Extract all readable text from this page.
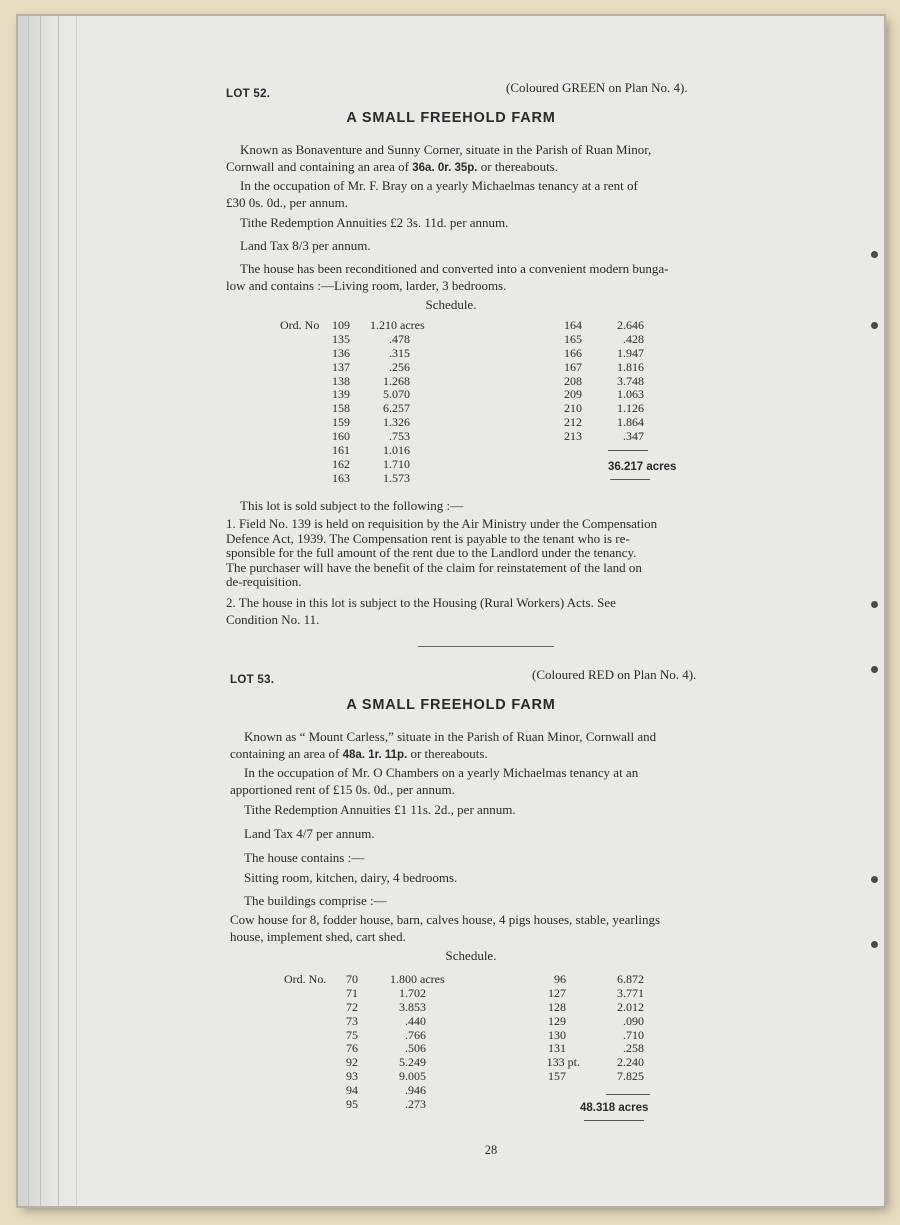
LOT 52.	(Coloured GREEN on Plan No. 4).
A SMALL FREEHOLD FARM
Known as Bonaventure and Sunny Corner, situate in the Parish of Ruan Minor,
Cornwall and containing an area of 36a. 0r. 35p. or thereabouts.
In the occupation of Mr. F. Bray on a yearly Michaelmas tenancy at a rent of
£30 0s. 0d., per annum.
Tithe Redemption Annuities £2 3s. 11d. per annum.
Land Tax 8/3 per annum.
The house has been reconditioned and converted into a convenient modern bunga-
low and contains :—Living room, larder, 3 bedrooms.
Schedule.
Ord. No	109 1.210 acres
135	.478
136	.315
137	.256
138	1.268
139	5.070
158	6.257
159	1.326
160	.753
161	1.016
162	1.710
163	1.573
164	2.646
165	.428
166	1.947
167	1.816
208	3.748
209	1.063
210	1.126
212	1.864
213	.347
36.217 acres
This lot is sold subject to the following :—
1. Field No. 139 is held on requisition by the Air Ministry under the Compensation
Defence Act, 1939. The Compensation rent is payable to the tenant who is re-
sponsible for the full amount of the rent due to the Landlord under the tenancy.
The purchaser will have the benefit of the claim for reinstatement of the land on
de-requisition.
2. The house in this lot is subject to the Housing (Rural Workers) Acts. See
Condition No. 11.
LOT 53.	(Coloured RED on Plan No. 4).
A SMALL FREEHOLD FARM
Known as “ Mount Carless,” situate in the Parish of Ruan Minor, Cornwall and
containing an area of 48a. 1r. 11p. or thereabouts.
In the occupation of Mr. O Chambers on a yearly Michaelmas tenancy at an
apportioned rent of £15 0s. 0d., per annum.
Tithe Redemption Annuities £1 11s. 2d., per annum.
Land Tax 4/7 per annum.
The house contains :—
Sitting room, kitchen, dairy, 4 bedrooms.
The buildings comprise :—
Cow house for 8, fodder house, barn, calves house, 4 pigs houses, stable, yearlings
house, implement shed, cart shed.
Schedule.
Ord. No.	70	1.800 acres
71	1.702
72	3.853
73	.440
75	.766
76	.506
92	5.249
93	9.005
94	.946
95	.273
96	6.872
127	3.771
128	2.012
129	.090
130	.710
131	.258
133 pt.	2.240
157	7.825
48.318 acres
28
